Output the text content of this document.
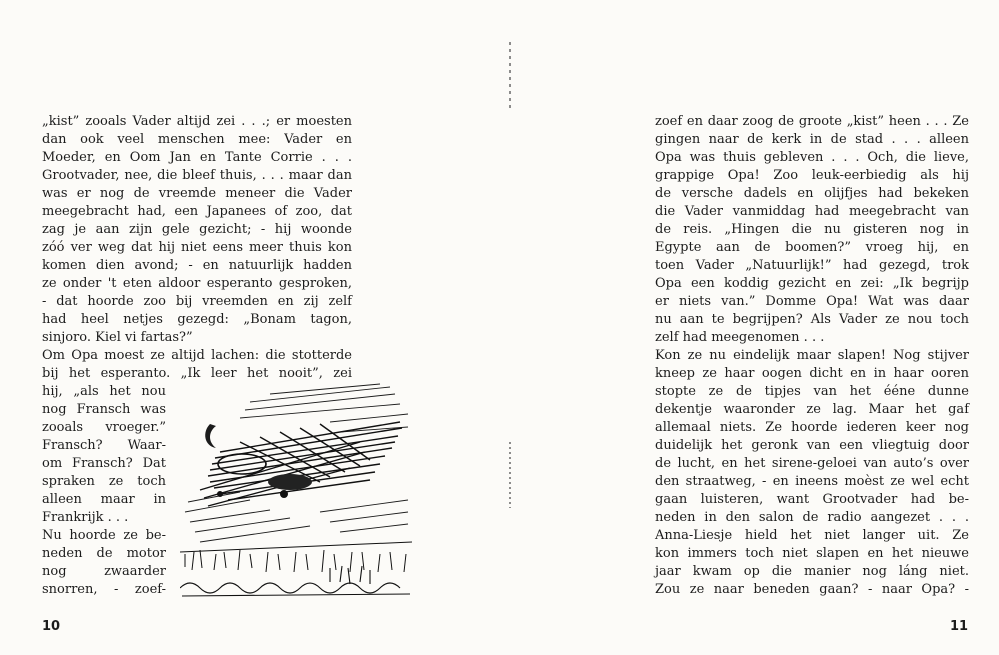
„kist” zooals Vader altijd zei . . .; er moesten
dan ook veel menschen mee: Vader en
Moeder, en Oom Jan en Tante Corrie . . .
Grootvader, nee, die bleef thuis, . . . maar dan
was er nog de vreemde meneer die Vader
meegebracht had, een Japanees of zoo, dat
zag je aan zijn gele gezicht; - hij woonde
zóó ver weg dat hij niet eens meer thuis kon
komen dien avond; - en natuurlijk hadden
ze onder 't eten aldoor esperanto gesproken,
- dat hoorde zoo bij vreemden en zij zelf
had heel netjes gezegd: „Bonam tagon,
sinjoro. Kiel vi fartas?”
Om Opa moest ze altijd lachen: die stotterde
bij het esperanto. „Ik leer het nooit”, zei
hij, „als het nou
nog Fransch was
zooals vroeger.”
Fransch? Waar-
om Fransch? Dat
spraken ze toch
alleen maar in
Frankrijk . . .
Nu hoorde ze be-
neden de motor
nog zwaarder
snorren, - zoef-
10
zoef en daar zoog de groote „kist” heen . . . Ze
gingen naar de kerk in de stad . . . alleen
Opa was thuis gebleven . . . Och, die lieve,
grappige Opa! Zoo leuk-eerbiedig als hij
de versche dadels en olijfjes had bekeken
die Vader vanmiddag had meegebracht van
de reis. „Hingen die nu gisteren nog in
Egypte aan de boomen?” vroeg hij, en
toen Vader „Natuurlijk!” had gezegd, trok
Opa een koddig gezicht en zei: „Ik begrijp
er niets van.” Domme Opa! Wat was daar
nu aan te begrijpen? Als Vader ze nou toch
zelf had meegenomen . . .
Kon ze nu eindelijk maar slapen! Nog stijver
kneep ze haar oogen dicht en in haar ooren
stopte ze de tipjes van het ééne dunne
dekentje waaronder ze lag. Maar het gaf
allemaal niets. Ze hoorde iederen keer nog
duidelijk het geronk van een vliegtuig door
de lucht, en het sirene-geloei van auto’s over
den straatweg, - en ineens moèst ze wel echt
gaan luisteren, want Grootvader had be-
neden in den salon de radio aangezet . . .
Anna-Liesje hield het niet langer uit. Ze
kon immers toch niet slapen en het nieuwe
jaar kwam op die manier nog láng niet.
Zou ze naar beneden gaan? - naar Opa? -
11
